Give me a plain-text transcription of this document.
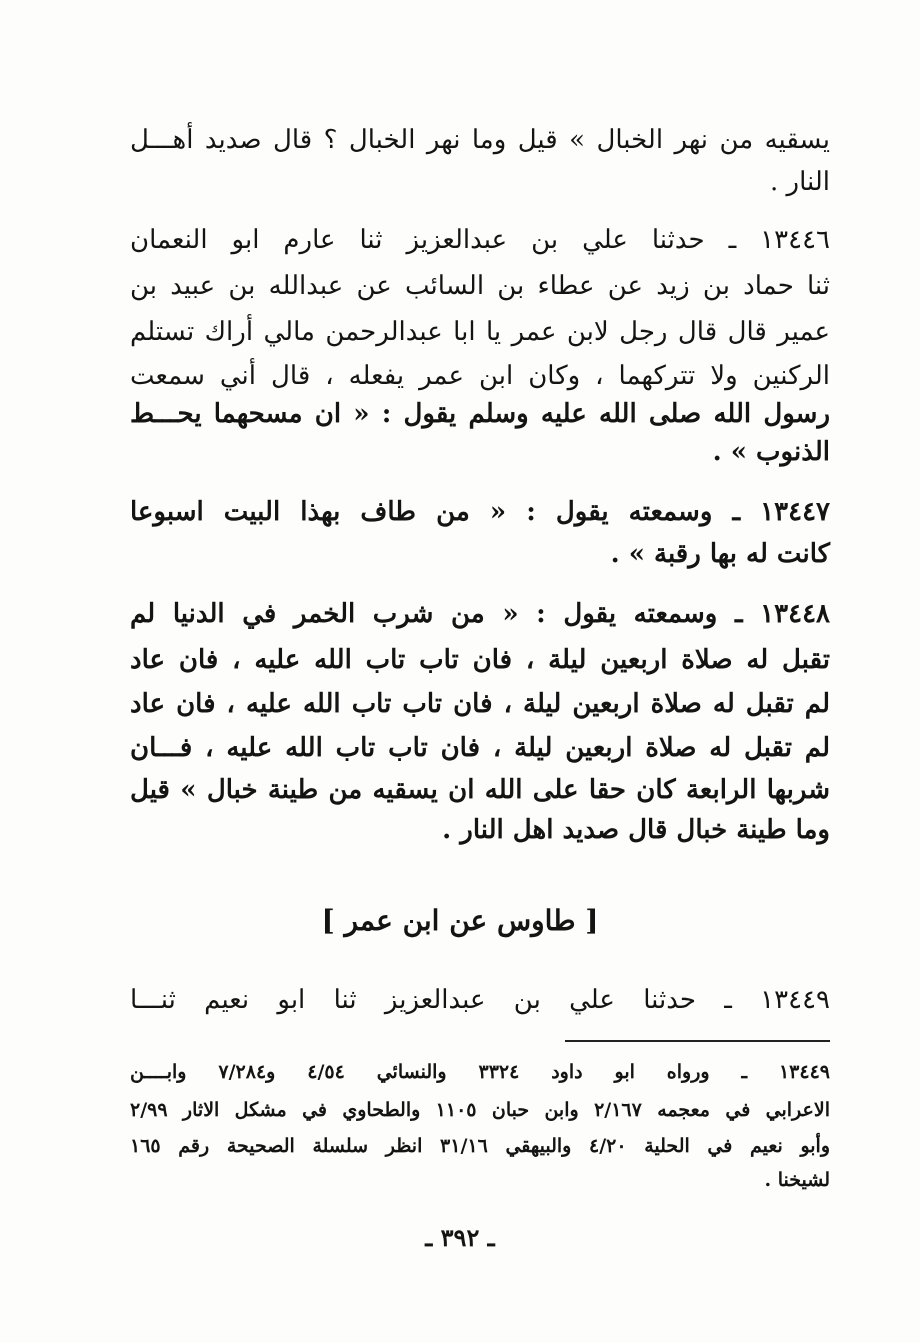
يسقيه من نهر الخبال » قيل وما نهر الخبال ؟ قال صديد أهـــل
النار .
١٣٤٤٦ ـ حدثنا علي بن عبدالعزيز ثنا عارم ابو النعمان
ثنا حماد بن زيد عن عطاء بن السائب عن عبدالله بن عبيد بن
عمير قال قال رجل لابن عمر يا ابا عبدالرحمن مالي أراك تستلم
الركنين ولا تتركهما ، وكان ابن عمر يفعله ، قال أني سمعت
رسول الله صلى الله عليه وسلم يقول : « ان مسحهما يحـــط
الذنوب » .
١٣٤٤٧ ـ وسمعته يقول : « من طاف بهذا البيت اسبوعا
كانت له بها رقبة » .
١٣٤٤٨ ـ وسمعته يقول : « من شرب الخمر في الدنيا لم
تقبل له صلاة اربعين ليلة ، فان تاب تاب الله عليه ، فان عاد
لم تقبل له صلاة اربعين ليلة ، فان تاب تاب الله عليه ، فان عاد
لم تقبل له صلاة اربعين ليلة ، فان تاب تاب الله عليه ، فـــان
شربها الرابعة كان حقا على الله ان يسقيه من طينة خبال » قيل
وما طينة خبال قال صديد اهل النار .
[ طاوس عن ابن عمر ]
١٣٤٤٩ ـ حدثنا علي بن عبدالعزيز ثنا ابو نعيم ثنـــا
١٣٤٤٩ ـ ورواه ابو داود ٣٣٢٤ والنسائي ٤/٥٤ و٧/٢٨٤ وابــــن
الاعرابي في معجمه ٢/١٦٧ وابن حبان ١١٠٥ والطحاوي في مشكل الاثار ٢/٩٩
وأبو نعيم في الحلية ٤/٢٠ والبيهقي ٣١/١٦ انظر سلسلة الصحيحة رقم ١٦٥
لشيخنا .
ـ ٣٩٢ ـ
